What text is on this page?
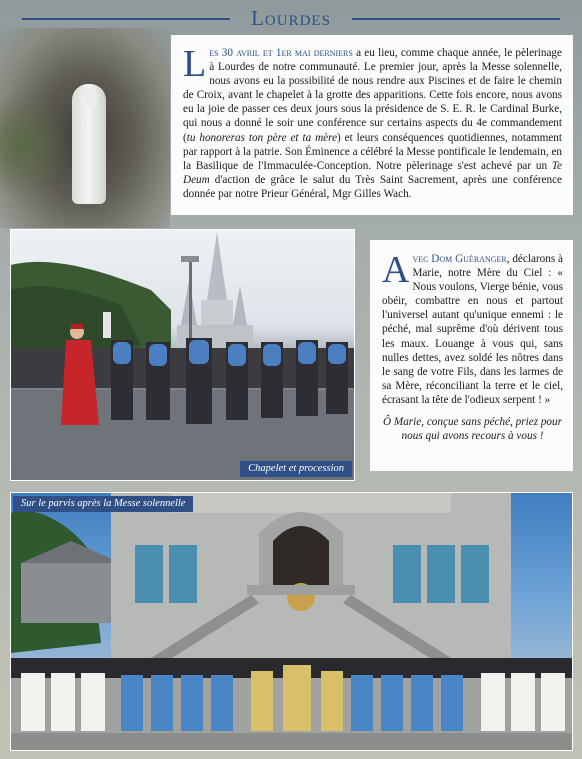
Lourdes
Les 30 avril et 1er mai derniers a eu lieu, comme chaque année, le pèlerinage à Lourdes de notre communauté. Le premier jour, après la Messe solennelle, nous avons eu la possibilité de nous rendre aux Piscines et de faire le chemin de Croix, avant le chapelet à la grotte des apparitions. Cette fois encore, nous avons eu la joie de passer ces deux jours sous la présidence de S. E. R. le Cardinal Burke, qui nous a donné le soir une conférence sur certains aspects du 4e commandement (tu honoreras ton père et ta mère) et leurs conséquences quotidiennes, notamment par rapport à la patrie. Son Éminence a célébré la Messe pontificale le lendemain, en la Basilique de l'Immaculée-Conception. Notre pèlerinage s'est achevé par un Te Deum d'action de grâce le salut du Très Saint Sacrement, après une conférence donnée par notre Prieur Général, Mgr Gilles Wach.
Chapelet et procession
Avec Dom Guéranger, déclarons à Marie, notre Mère du Ciel : « Nous voulons, Vierge bénie, vous obéir, combattre en nous et partout l'universel autant qu'unique ennemi : le péché, mal suprême d'où dérivent tous les maux. Louange à vous qui, sans nulles dettes, avez soldé les nôtres dans le sang de votre Fils, dans les larmes de sa Mère, réconciliant la terre et le ciel, écrasant la tête de l'odieux serpent ! »
Ô Marie, conçue sans péché, priez pour nous qui avons recours à vous !
Sur le parvis après la Messe solennelle
